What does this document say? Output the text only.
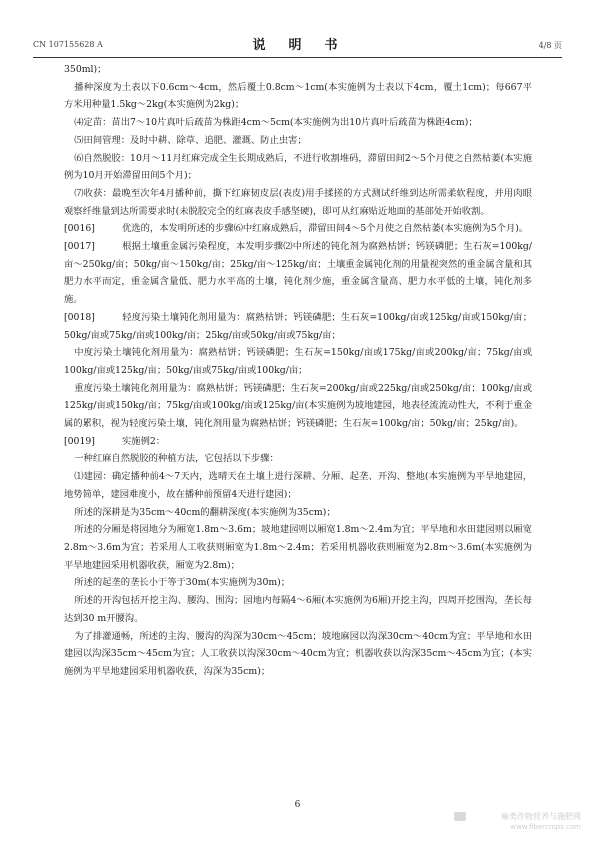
CN 107155628 A	说　明　书	4/8 页

350ml)；

播种深度为土表以下0.6cm～4cm，然后覆土0.8cm～1cm(本实施例为土表以下4cm，覆土1cm)；每667平方米用种量1.5kg～2kg(本实施例为2kg)；

⑷定苗：苗出7～10片真叶后疏苗为株距4cm～5cm(本实施例为出10片真叶后疏苗为株距4cm)；

⑸田间管理：及时中耕、除草、追肥、灌溉、防止虫害；

⑹自然脱胶：10月～11月红麻完成全生长期成熟后，不进行收割堆码，滞留田间2～5个月使之自然枯萎(本实施例为10月开始滞留田间5个月)；

⑺收获：最晚至次年4月播种前，撕下红麻韧皮层(表皮)用手揉搓的方式测试纤维到达所需柔软程度，并用肉眼观察纤维量到达所需要求时(未脱胶完全的红麻表皮手感坚硬)，即可从红麻贴近地面的基部处开始收割。

[0016]	优选的，本发明所述的步骤⑹中红麻成熟后，滞留田间4～5个月使之自然枯萎(本实施例为5个月)。

[0017]	根据土壤重金属污染程度，本发明步骤⑵中所述的钝化剂为腐熟枯饼；钙镁磷肥；生石灰=100kg/亩～250kg/亩；50kg/亩～150kg/亩；25kg/亩～125kg/亩；土壤重金属钝化剂的用量视突然的重金属含量和其肥力水平而定，重金属含量低、肥力水平高的土壤，钝化剂少施，重金属含量高、肥力水平低的土壤，钝化剂多施。

[0018]	轻度污染土壤钝化剂用量为：腐熟枯饼；钙镁磷肥；生石灰=100kg/亩或125kg/亩或150kg/亩；50kg/亩或75kg/亩或100kg/亩；25kg/亩或50kg/亩或75kg/亩；

中度污染土壤钝化剂用量为：腐熟枯饼；钙镁磷肥；生石灰=150kg/亩或175kg/亩或200kg/亩；75kg/亩或100kg/亩或125kg/亩；50kg/亩或75kg/亩或100kg/亩；

重度污染土壤钝化剂用量为：腐熟枯饼；钙镁磷肥；生石灰=200kg/亩或225kg/亩或250kg/亩；100kg/亩或125kg/亩或150kg/亩；75kg/亩或100kg/亩或125kg/亩(本实施例为坡地建园，地表径流流动性大，不利于重金属的累积，视为轻度污染土壤，钝化剂用量为腐熟枯饼；钙镁磷肥；生石灰=100kg/亩；50kg/亩；25kg/亩)。

[0019]	实施例2：

一种红麻自然脱胶的种植方法，它包括以下步骤：

⑴建园：确定播种前4～7天内，选晴天在土壤上进行深耕、分厢、起垄、开沟、整地(本实施例为平旱地建园，地势简单，建园难度小，故在播种前预留4天进行建园)；

所述的深耕是为35cm～40cm的翻耕深度(本实施例为35cm)；

所述的分厢是将园地分为厢宽1.8m～3.6m；坡地建园则以厢宽1.8m～2.4m为宜；平旱地和水田建园则以厢宽2.8m～3.6m为宜；若采用人工收获则厢宽为1.8m～2.4m；若采用机器收获则厢宽为2.8m～3.6m(本实施例为平旱地建园采用机器收获，厢宽为2.8m)；

所述的起垄的垄长小于等于30m(本实施例为30m)；

所述的开沟包括开挖主沟、腰沟、围沟；园地内每隔4～6厢(本实施例为6厢)开挖主沟，四周开挖围沟，垄长每达到30 m开腰沟。

为了排灌通畅，所述的主沟、腰沟的沟深为30cm～45cm；坡地麻园以沟深30cm～40cm为宜；平旱地和水田建园以沟深35cm～45cm为宜；人工收获以沟深30cm～40cm为宜；机器收获以沟深35cm～45cm为宜；(本实施例为平旱地建园采用机器收获，沟深为35cm)；

6
麻类作物营养与施肥网
www.fibercrops.com
